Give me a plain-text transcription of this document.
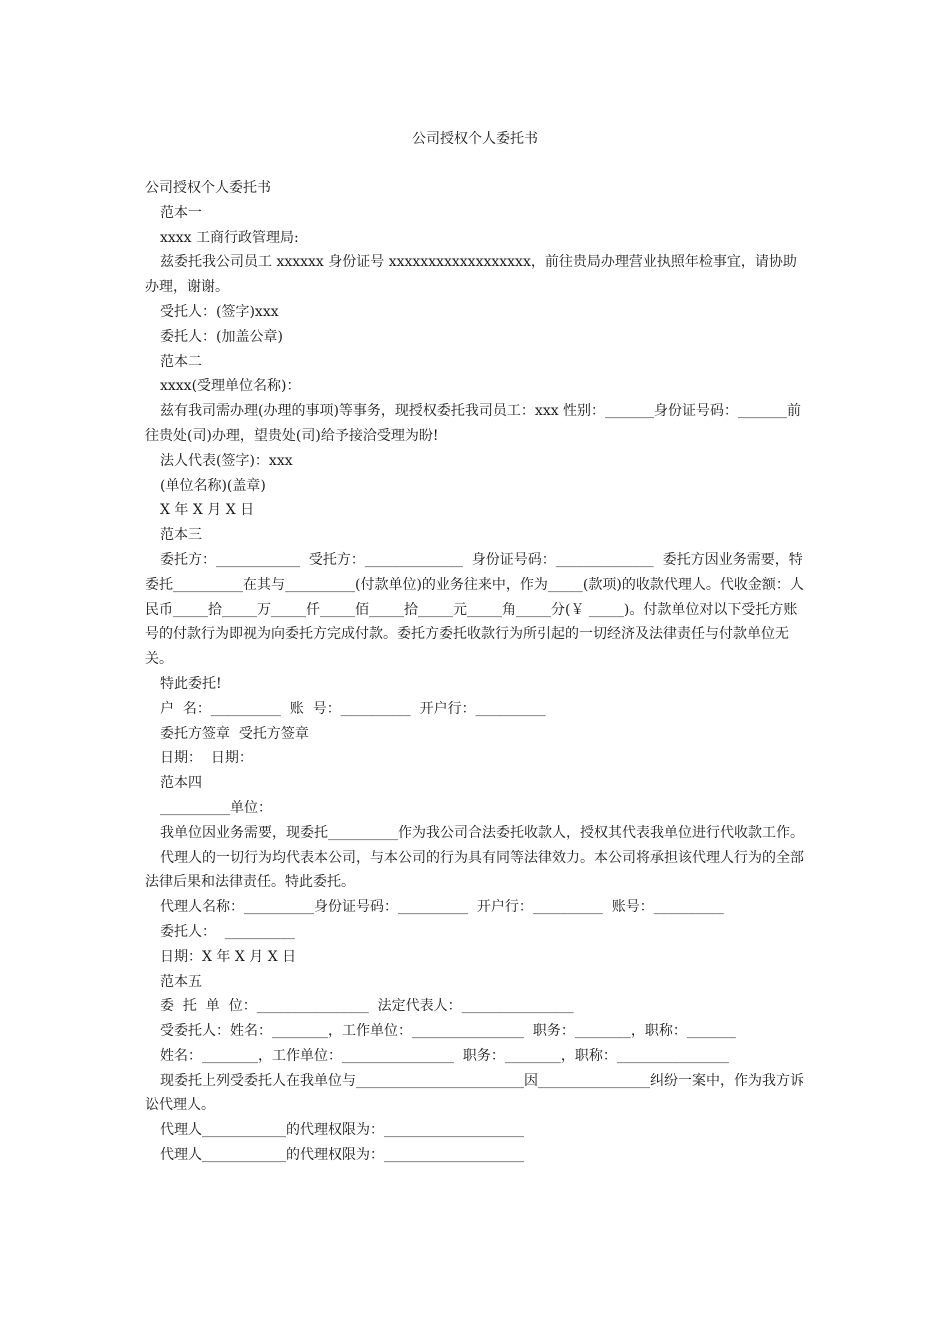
公司授权个人委托书

公司授权个人委托书

范本一

xxxx 工商行政管理局:

兹委托我公司员工 xxxxxx 身份证号 xxxxxxxxxxxxxxxxxx，前往贵局办理营业执照年检事宜，请协助办理，谢谢。

受托人：(签字)xxx

委托人：(加盖公章)

范本二

xxxx(受理单位名称)：

兹有我司需办理(办理的事项)等事务，现授权委托我司员工：xxx 性别：_______身份证号码：_______前往贵处(司)办理，望贵处(司)给予接洽受理为盼!

法人代表(签字)：xxx

(单位名称)(盖章)

X 年 X 月 X 日

范本三

委托方：____________  受托方：______________  身份证号码：______________  委托方因业务需要，特委托__________在其与__________(付款单位)的业务往来中，作为_____(款项)的收款代理人。代收金额：人民币_____拾_____万_____仟_____佰_____拾_____元_____角_____分(￥ _____)。付款单位对以下受托方账号的付款行为即视为向委托方完成付款。委托方委托收款行为所引起的一切经济及法律责任与付款单位无关。

特此委托!

户  名：__________  账  号：__________  开户行：__________

委托方签章  受托方签章

日期：  日期：

范本四

__________单位：

我单位因业务需要，现委托__________作为我公司合法委托收款人，授权其代表我单位进行代收款工作。

代理人的一切行为均代表本公司，与本公司的行为具有同等法律效力。本公司将承担该代理人行为的全部法律后果和法律责任。特此委托。

代理人名称：__________身份证号码：__________  开户行：__________  账号：__________

委托人：  __________

日期：X 年 X 月 X 日

范本五

委  托  单  位：________________  法定代表人：________________

受委托人：姓名：________，工作单位：________________  职务：________，职称：_______

姓名：________，工作单位：________________  职务：________，职称：________________

现委托上列受委托人在我单位与________________________因________________纠纷一案中，作为我方诉讼代理人。

代理人____________的代理权限为：____________________

代理人____________的代理权限为：____________________
